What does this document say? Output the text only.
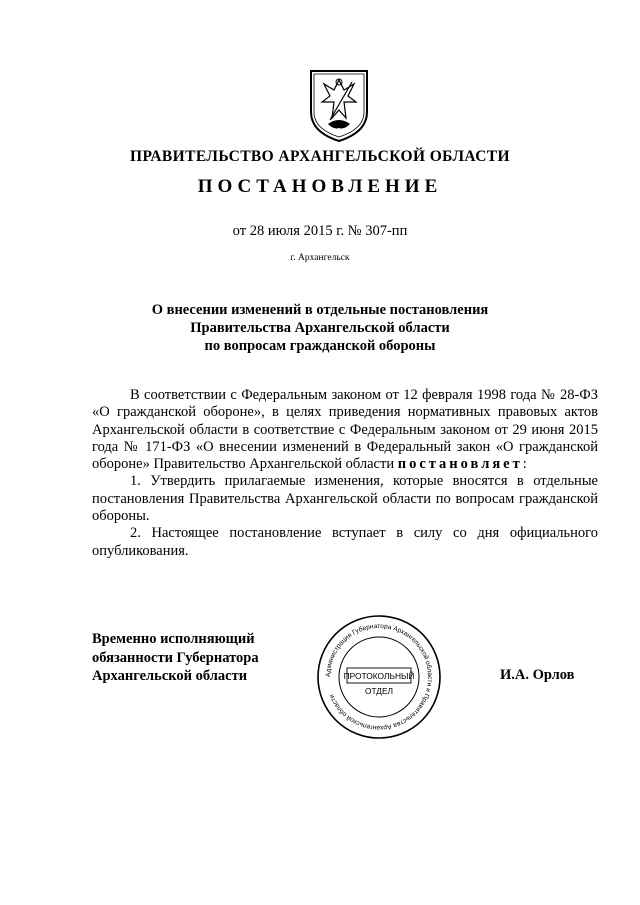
ПРАВИТЕЛЬСТВО АРХАНГЕЛЬСКОЙ ОБЛАСТИ
ПОСТАНОВЛЕНИЕ
от 28 июля 2015 г. № 307-пп
г. Архангельск
О внесении изменений в отдельные постановления
Правительства Архангельской области
по вопросам гражданской обороны

В соответствии с Федеральным законом от 12 февраля 1998 года № 28-ФЗ «О гражданской обороне», в целях приведения нормативных правовых актов Архангельской области в соответствие с Федеральным законом от 29 июня 2015 года № 171-ФЗ «О внесении изменений в Федеральный закон «О гражданской обороне» Правительство Архангельской области постановляет:

1. Утвердить прилагаемые изменения, которые вносятся в отдельные постановления Правительства Архангельской области по вопросам гражданской обороны.

2. Настоящее постановление вступает в силу со дня официального опубликования.

Временно исполняющий
обязанности Губернатора
Архангельской области	Администрация Губернатора Архангельской области и Правительства Архангельской области
ПРОТОКОЛЬНЫЙ
ОТДЕЛ
И.А. Орлов
